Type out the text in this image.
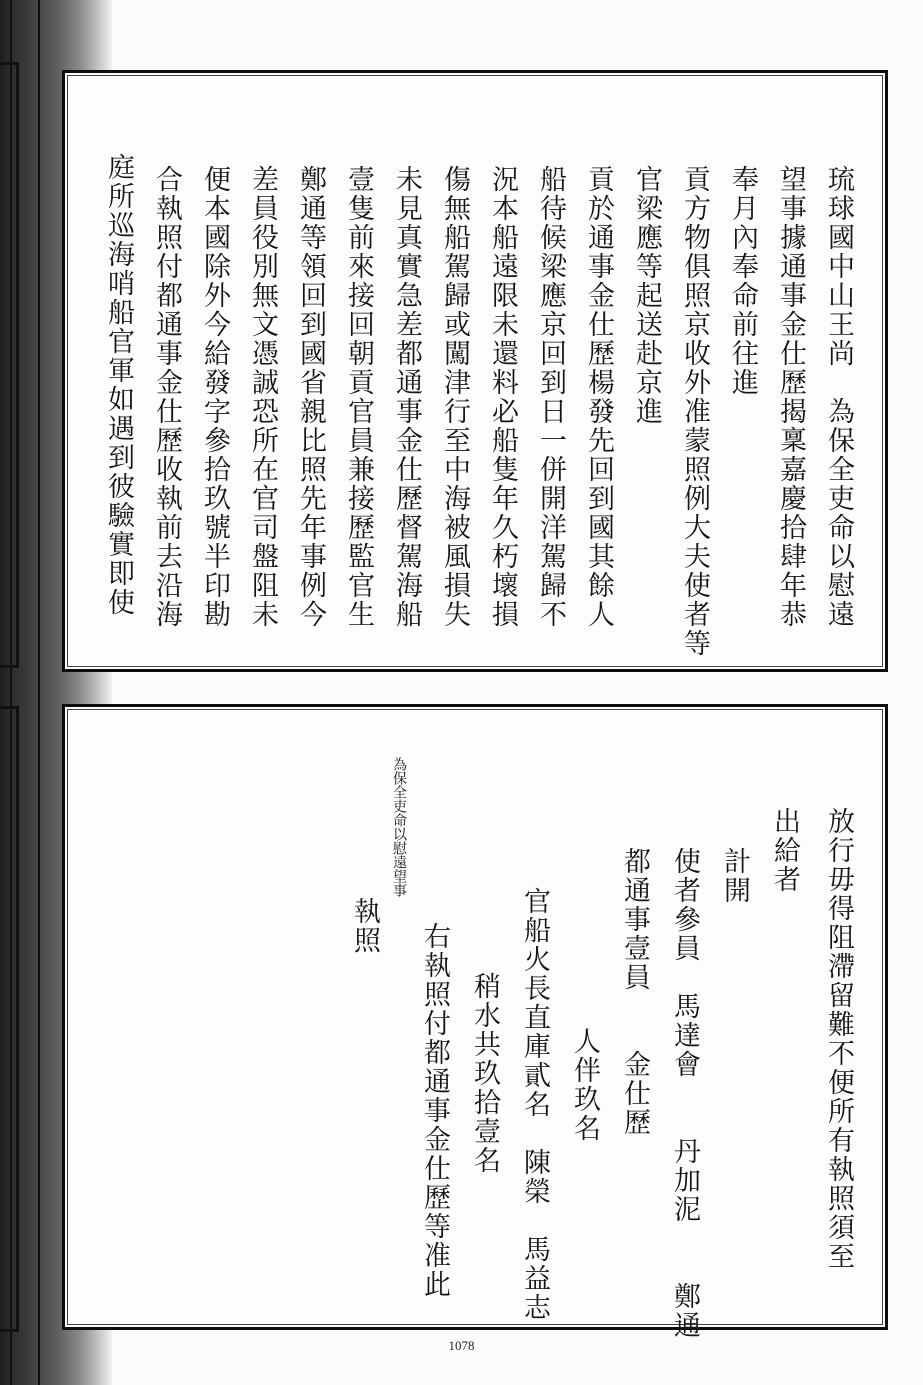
琉球國中山王尚　為保全吏命以慰遠
望事據通事金仕歷揭稟嘉慶拾肆年恭
奉月內奉命前往進
貢方物俱照京收外准蒙照例大夫使者等
官梁應等起送赴京進
貢於通事金仕歷楊發先回到國其餘人
船待候梁應京回到日一併開洋駕歸不
況本船遠限未還料必船隻年久朽壞損
傷無船駕歸或闖津行至中海被風損失
未見真實急差都通事金仕歷督駕海船
壹隻前來接回朝貢官員兼接歷監官生
鄭通等領回到國省親比照先年事例今
差員役別無文憑誠恐所在官司盤阻未
便本國除外今給發字參拾玖號半印勘
合執照付都通事金仕歷收執前去沿海
庭所巡海哨船官軍如遇到彼驗實即使
放行毋得阻滯留難不便所有執照須至
出給者
計開
使者參員　馬達會　　丹加泥　　鄭通
都通事壹員　　金仕歷
人伴玖名
官船火長直庫貳名　陳榮　馬益志
稍水共玖拾壹名
右執照付都通事金仕歷等准此
執照
為保全吏命以慰遠望事
1078
